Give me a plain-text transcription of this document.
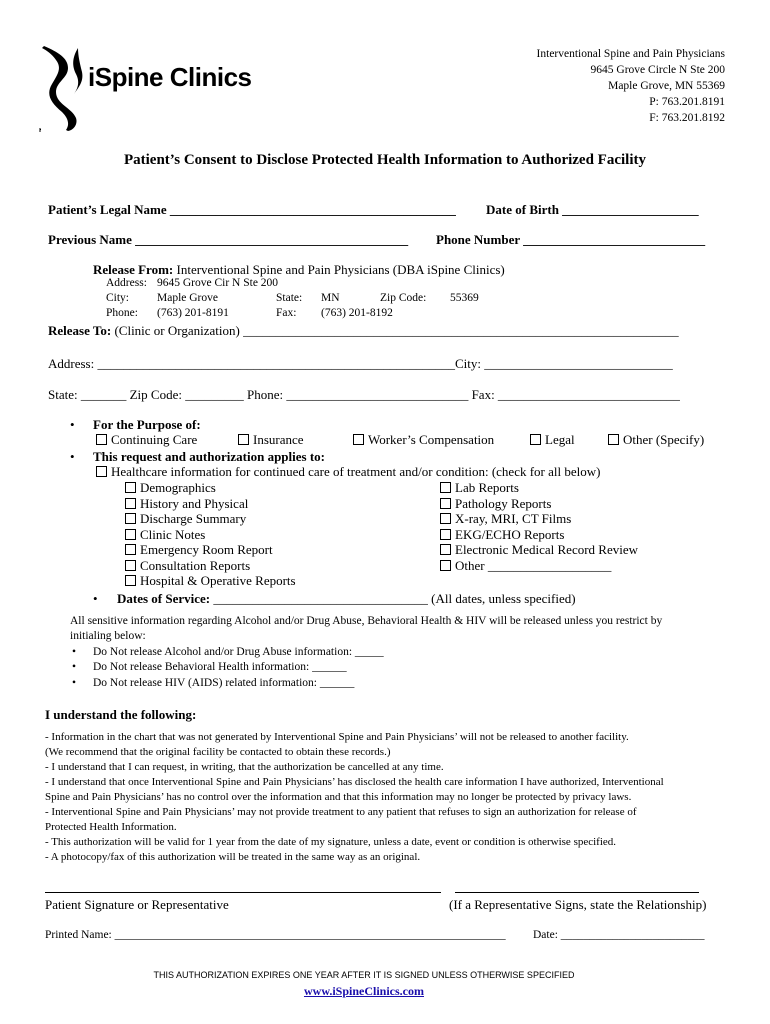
iSpine Clinics
Interventional Spine and Pain Physicians
9645 Grove Circle N Ste 200
Maple Grove, MN 55369
P: 763.201.8191
F: 763.201.8192
Patient’s Consent to Disclose Protected Health Information to Authorized Facility
Patient’s Legal Name ____________________________________________ Date of Birth _____________________
Previous Name __________________________________________ Phone Number ____________________________
Release From: Interventional Spine and Pain Physicians (DBA iSpine Clinics)
Address: 9645 Grove Cir N Ste 200
City: Maple Grove	State: MN	Zip Code: 55369
Phone: (763) 201-8191	Fax: (763) 201-8192
Release To: (Clinic or Organization) ___________________________________________________________________
Address: _______________________________________________________City: _____________________________
State: _______ Zip Code: _________ Phone: ____________________________ Fax: ____________________________
• For the Purpose of:
Continuing Care	Insurance	Worker’s Compensation	Legal	Other (Specify)
• This request and authorization applies to:
Healthcare information for continued care of treatment and/or condition: (check for all below)
Demographics
History and Physical
Discharge Summary
Clinic Notes
Emergency Room Report
Consultation Reports
Hospital & Operative Reports
Lab Reports
Pathology Reports
X-ray, MRI, CT Films
EKG/ECHO Reports
Electronic Medical Record Review
Other ___________________
• Dates of Service: _________________________________ (All dates, unless specified)
All sensitive information regarding Alcohol and/or Drug Abuse, Behavioral Health & HIV will be released unless you restrict by
initialing below:
• Do Not release Alcohol and/or Drug Abuse information: _____
• Do Not release Behavioral Health information: ______
• Do Not release HIV (AIDS) related information: ______
I understand the following:
- Information in the chart that was not generated by Interventional Spine and Pain Physicians’ will not be released to another facility.
(We recommend that the original facility be contacted to obtain these records.)
- I understand that I can request, in writing, that the authorization be cancelled at any time.
- I understand that once Interventional Spine and Pain Physicians’ has disclosed the health care information I have authorized, Interventional
Spine and Pain Physicians’ has no control over the information and that this information may no longer be protected by privacy laws.
- Interventional Spine and Pain Physicians’ may not provide treatment to any patient that refuses to sign an authorization for release of
Protected Health Information.
- This authorization will be valid for 1 year from the date of my signature, unless a date, event or condition is otherwise specified.
- A photocopy/fax of this authorization will be treated in the same way as an original.
Patient Signature or Representative	(If a Representative Signs, state the Relationship)
Printed Name: ____________________________________________________________________ Date: _________________________
THIS AUTHORIZATION EXPIRES ONE YEAR AFTER IT IS SIGNED UNLESS OTHERWISE SPECIFIED
www.iSpineClinics.com
